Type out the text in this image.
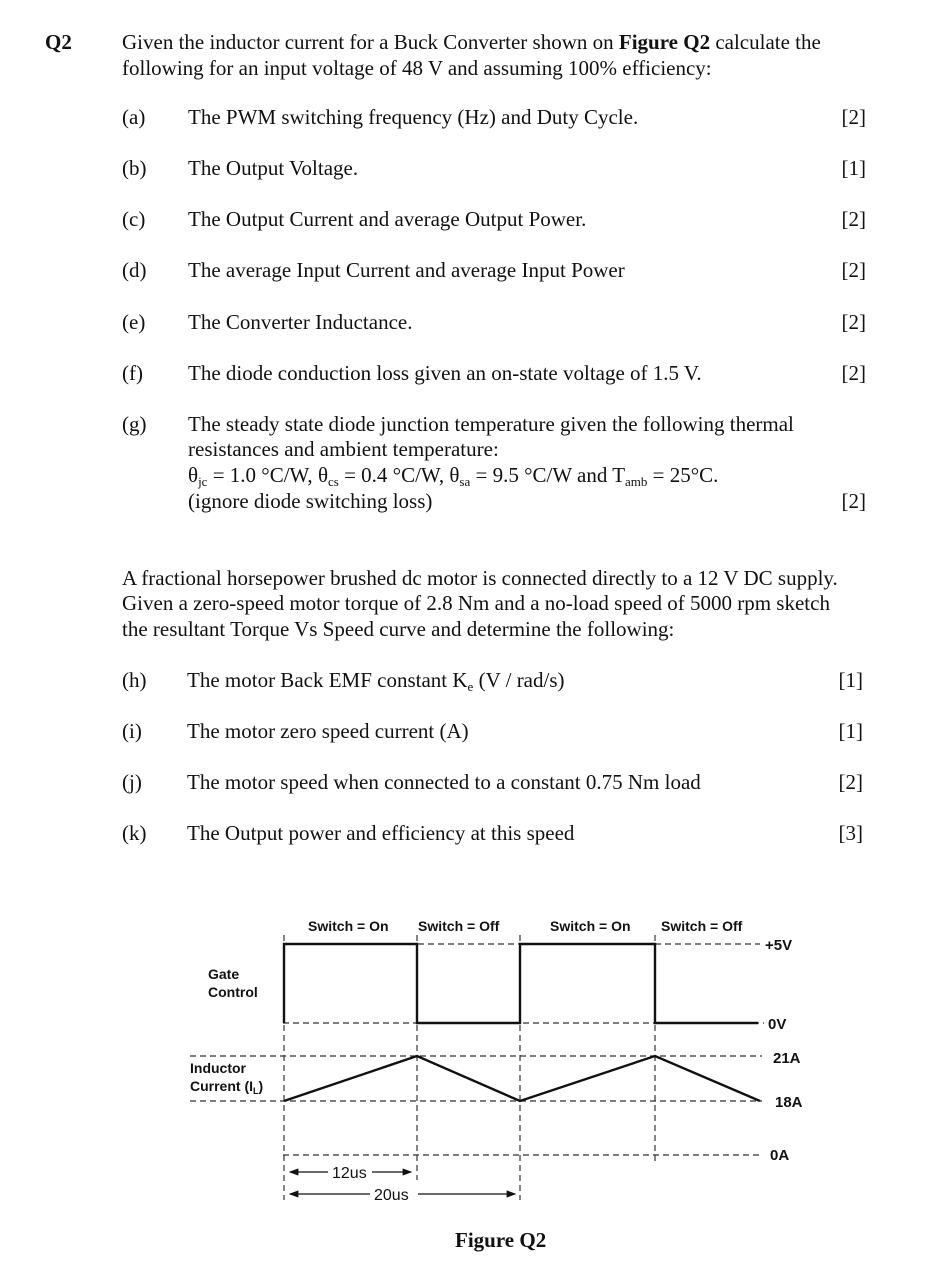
Q2 Given the inductor current for a Buck Converter shown on Figure Q2 calculate the
following for an input voltage of 48 V and assuming 100% efficiency:
(a) The PWM switching frequency (Hz) and Duty Cycle.	[2]
(b) The Output Voltage.	[1]
(c) The Output Current and average Output Power.	[2]
(d) The average Input Current and average Input Power	[2]
(e) The Converter Inductance.	[2]
(f) The diode conduction loss given an on-state voltage of 1.5 V.	[2]
(g) The steady state diode junction temperature given the following thermal
resistances and ambient temperature:
$\theta_{jc} = 1.0$ °C/W, $\theta_{cs} = 0.4$ °C/W, $\theta_{sa} = 9.5$ °C/W and $T_{amb} = 25^\circ C$.
(ignore diode switching loss)	[2]
A fractional horsepower brushed dc motor is connected directly to a 12 V DC supply.
Given a zero-speed motor torque of 2.8 Nm and a no-load speed of 5000 rpm sketch
the resultant Torque Vs Speed curve and determine the following:
(h) The motor Back EMF constant $K_e$ (V / rad/s)	[1]
(i) The motor zero speed current (A)	[1]
(j) The motor speed when connected to a constant 0.75 Nm load	[2]
(k) The Output power and efficiency at this speed	[3]
Switch = On Switch = Off	Switch = On Switch = Off
Gate
Control
Inductor
Current $(I_L)$
+5V
0V
21A
18A
0A
12us
20us
Figure Q2
